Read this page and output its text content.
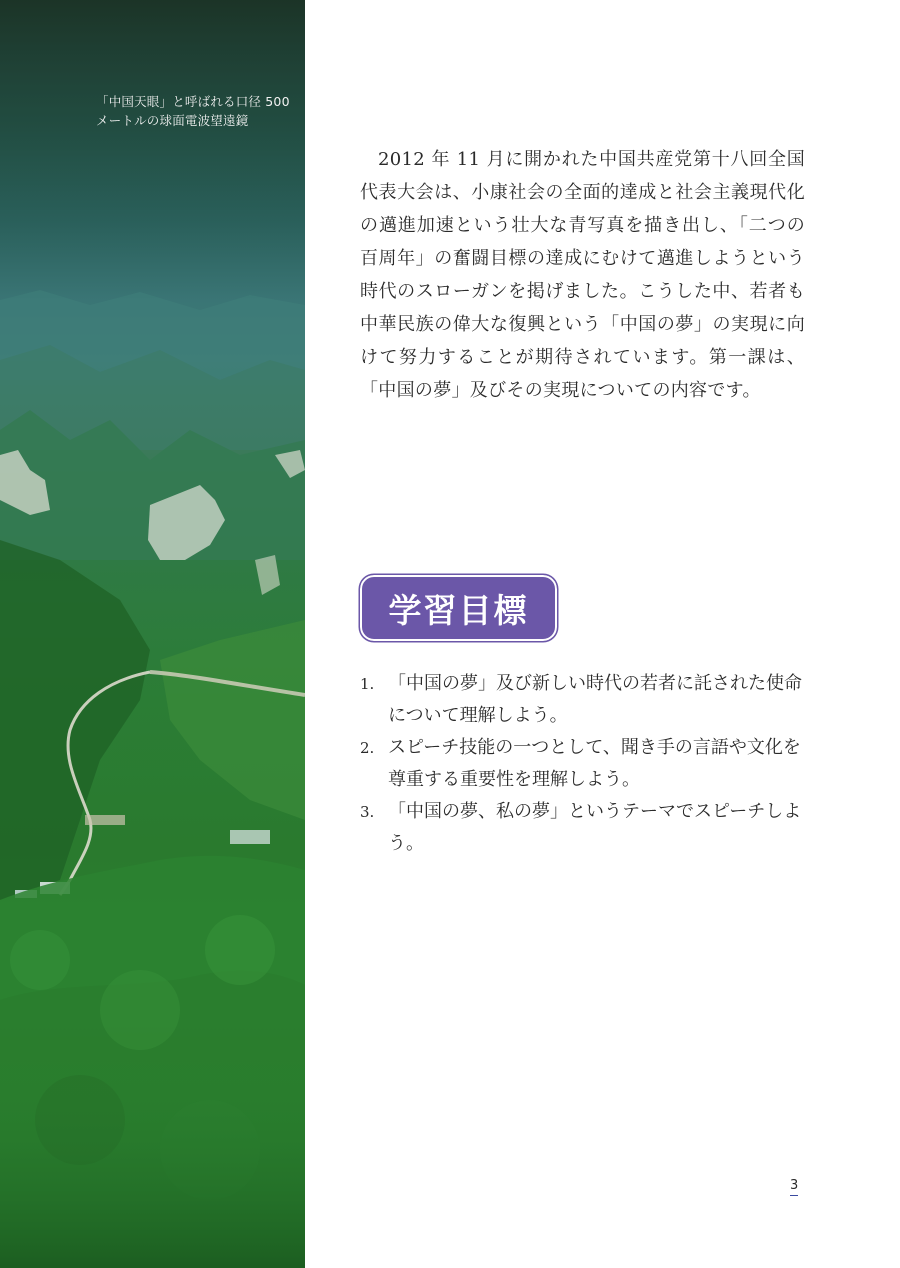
「中国天眼」と呼ばれる口径 500
メートルの球面電波望遠鏡

2012 年 11 月に開かれた中国共産党第十八回全国代表大会は、小康社会の全面的達成と社会主義現代化の邁進加速という壮大な青写真を描き出し、「二つの百周年」の奮闘目標の達成にむけて邁進しようという時代のスローガンを掲げました。こうした中、若者も中華民族の偉大な復興という「中国の夢」の実現に向けて努力することが期待されています。第一課は、「中国の夢」及びその実現についての内容です。

学習目標
1. 「中国の夢」及び新しい時代の若者に託された使命について理解しよう。
2. スピーチ技能の一つとして、聞き手の言語や文化を尊重する重要性を理解しよう。
3. 「中国の夢、私の夢」というテーマでスピーチしよう。
3
